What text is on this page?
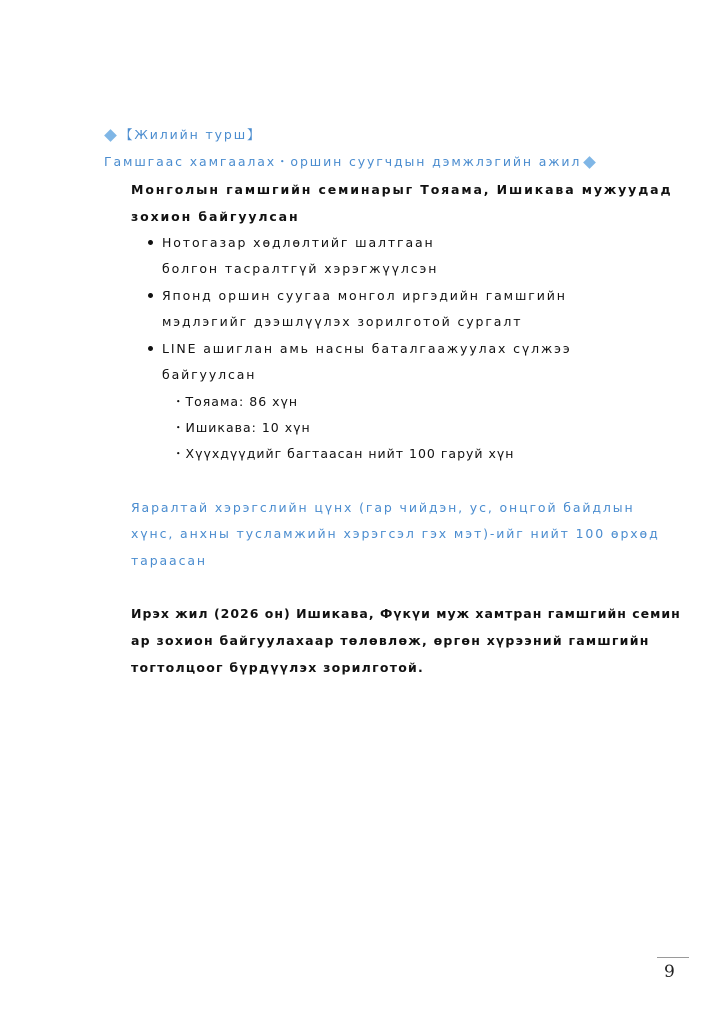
【Жилийн турш】
Гамшгаас хамгаалах・оршин суугчдын дэмжлэгийн ажил
Монголын гамшгийн семинарыг Тояама, Ишикава мужуудад
зохион байгуулсан
Нотогазар хөдлөлтийг шалтгаан
болгон тасралтгүй хэрэгжүүлсэн
Японд оршин суугаа монгол иргэдийн гамшгийн
мэдлэгийг дээшлүүлэх зорилготой сургалт
LINE ашиглан амь насны баталгаажуулах сүлжээ
байгуулсан
・Тояама: 86 хүн
・Ишикава: 10 хүн
・Хүүхдүүдийг багтаасан нийт 100 гаруй хүн
Яаралтай хэрэгслийн цүнх (гар чийдэн, ус, онцгой байдлын
хүнс, анхны тусламжийн хэрэгсэл гэх мэт)-ийг нийт 100 өрхөд
тараасан
Ирэх жил (2026 он) Ишикава, Фүкүи муж хамтран гамшгийн семин
ар зохион байгуулахаар төлөвлөж, өргөн хүрээний гамшгийн
тогтолцоог бүрдүүлэх зорилготой.
9
